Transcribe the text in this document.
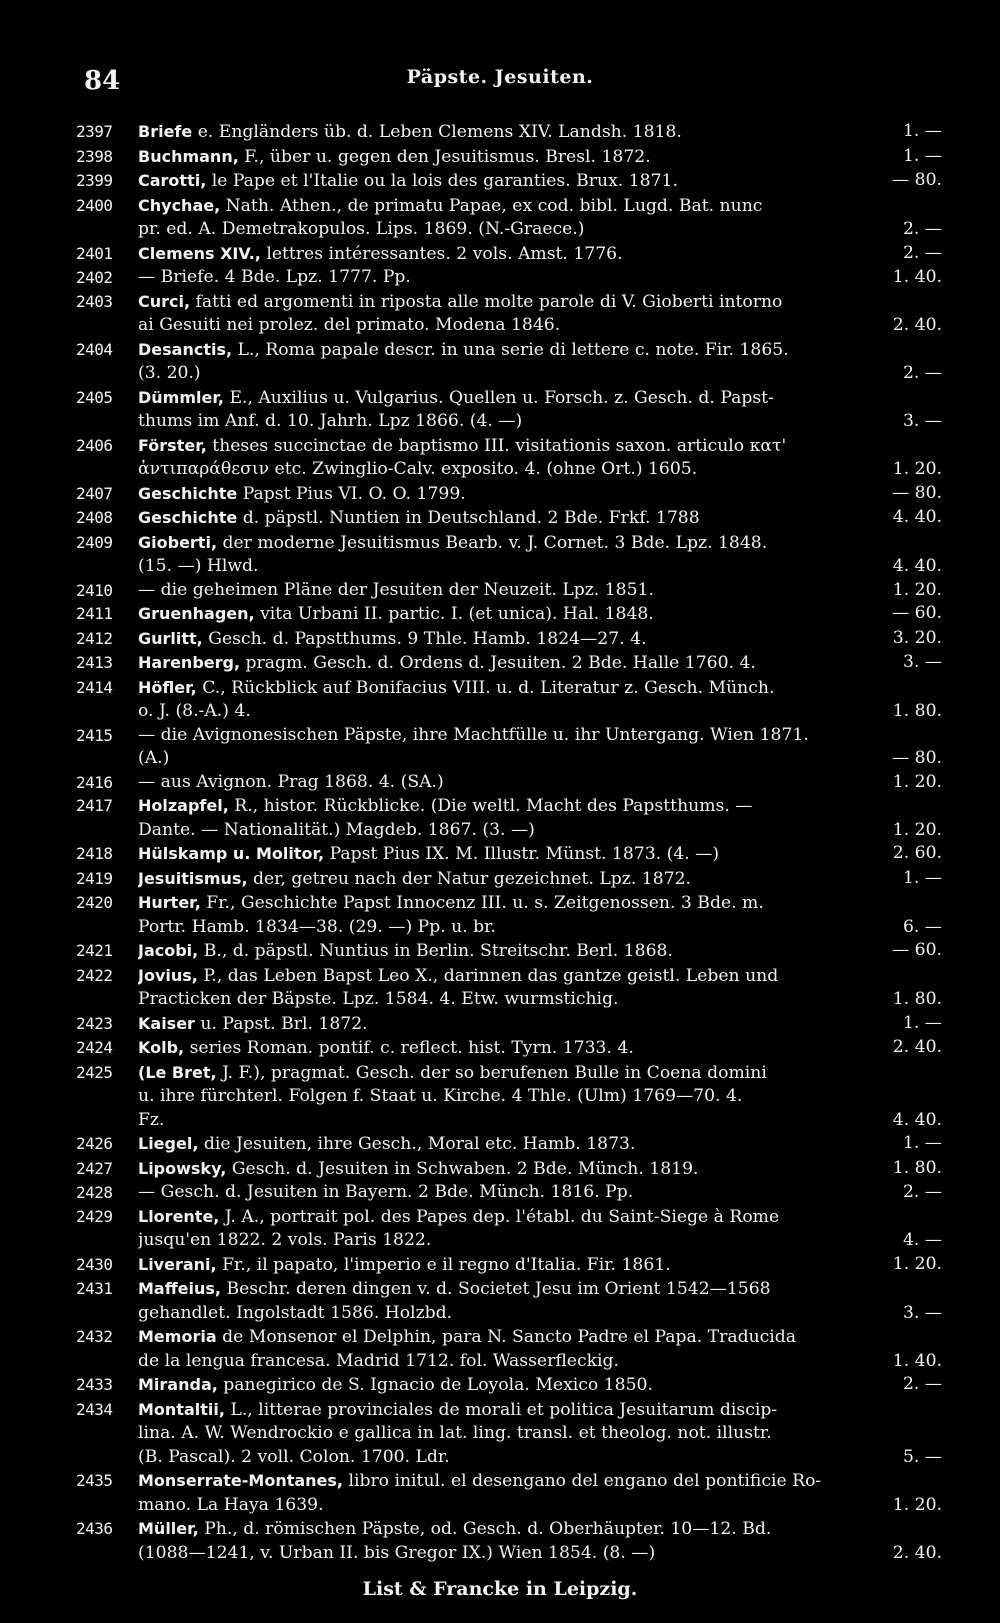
84	Päpste. Jesuiten.
2397	Briefe e. Engländers üb. d. Leben Clemens XIV. Landsh. 1818.	1. —
2398	Buchmann, F., über u. gegen den Jesuitismus. Bresl. 1872.	1. —
2399	Carotti, le Pape et l'Italie ou la lois des garanties. Brux. 1871.	— 80.
2400	Chychae, Nath. Athen., de primatu Papae, ex cod. bibl. Lugd. Bat. nunc
pr. ed. A. Demetrakopulos. Lips. 1869. (N.-Graece.)	2. —
2401	Clemens XIV., lettres intéressantes. 2 vols. Amst. 1776.	2. —
2402	— Briefe. 4 Bde. Lpz. 1777. Pp.	1. 40.
2403	Curci, fatti ed argomenti in riposta alle molte parole di V. Gioberti intorno
ai Gesuiti nei prolez. del primato. Modena 1846.	2. 40.
2404	Desanctis, L., Roma papale descr. in una serie di lettere c. note. Fir. 1865.
(3. 20.)	2. —
2405	Dümmler, E., Auxilius u. Vulgarius. Quellen u. Forsch. z. Gesch. d. Papst-
thums im Anf. d. 10. Jahrh. Lpz 1866. (4. —)	3. —
2406	Förster, theses succinctae de baptismo III. visitationis saxon. articulo κατ'
ἀντιπαράθεσιν etc. Zwinglio-Calv. exposito. 4. (ohne Ort.) 1605.	1. 20.
2407	Geschichte Papst Pius VI. O. O. 1799.	— 80.
2408	Geschichte d. päpstl. Nuntien in Deutschland. 2 Bde. Frkf. 1788	4. 40.
2409	Gioberti, der moderne Jesuitismus Bearb. v. J. Cornet. 3 Bde. Lpz. 1848.
(15. —) Hlwd.	4. 40.
2410	— die geheimen Pläne der Jesuiten der Neuzeit. Lpz. 1851.	1. 20.
2411	Gruenhagen, vita Urbani II. partic. I. (et unica). Hal. 1848.	— 60.
2412	Gurlitt, Gesch. d. Papstthums. 9 Thle. Hamb. 1824—27. 4.	3. 20.
2413	Harenberg, pragm. Gesch. d. Ordens d. Jesuiten. 2 Bde. Halle 1760. 4.	3. —
2414	Höfler, C., Rückblick auf Bonifacius VIII. u. d. Literatur z. Gesch. Münch.
o. J. (8.-A.) 4.	1. 80.
2415	— die Avignonesischen Päpste, ihre Machtfülle u. ihr Untergang. Wien 1871.
(A.)	— 80.
2416	— aus Avignon. Prag 1868. 4. (SA.)	1. 20.
2417	Holzapfel, R., histor. Rückblicke. (Die weltl. Macht des Papstthums. —
Dante. — Nationalität.) Magdeb. 1867. (3. —)	1. 20.
2418	Hülskamp u. Molitor, Papst Pius IX. M. Illustr. Münst. 1873. (4. —)	2. 60.
2419	Jesuitismus, der, getreu nach der Natur gezeichnet. Lpz. 1872.	1. —
2420	Hurter, Fr., Geschichte Papst Innocenz III. u. s. Zeitgenossen. 3 Bde. m.
Portr. Hamb. 1834—38. (29. —) Pp. u. br.	6. —
2421	Jacobi, B., d. päpstl. Nuntius in Berlin. Streitschr. Berl. 1868.	— 60.
2422	Jovius, P., das Leben Bapst Leo X., darinnen das gantze geistl. Leben und
Practicken der Bäpste. Lpz. 1584. 4. Etw. wurmstichig.	1. 80.
2423	Kaiser u. Papst. Brl. 1872.	1. —
2424	Kolb, series Roman. pontif. c. reflect. hist. Tyrn. 1733. 4.	2. 40.
2425	(Le Bret, J. F.), pragmat. Gesch. der so berufenen Bulle in Coena domini
u. ihre fürchterl. Folgen f. Staat u. Kirche. 4 Thle. (Ulm) 1769—70. 4.
Fz.	4. 40.
2426	Liegel, die Jesuiten, ihre Gesch., Moral etc. Hamb. 1873.	1. —
2427	Lipowsky, Gesch. d. Jesuiten in Schwaben. 2 Bde. Münch. 1819.	1. 80.
2428	— Gesch. d. Jesuiten in Bayern. 2 Bde. Münch. 1816. Pp.	2. —
2429	Llorente, J. A., portrait pol. des Papes dep. l'établ. du Saint-Siege à Rome
jusqu'en 1822. 2 vols. Paris 1822.	4. —
2430	Liverani, Fr., il papato, l'imperio e il regno d'Italia. Fir. 1861.	1. 20.
2431	Maffeius, Beschr. deren dingen v. d. Societet Jesu im Orient 1542—1568
gehandlet. Ingolstadt 1586. Holzbd.	3. —
2432	Memoria de Monsenor el Delphin, para N. Sancto Padre el Papa. Traducida
de la lengua francesa. Madrid 1712. fol. Wasserfleckig.	1. 40.
2433	Miranda, panegirico de S. Ignacio de Loyola. Mexico 1850.	2. —
2434	Montaltii, L., litterae provinciales de morali et politica Jesuitarum discip-
lina. A. W. Wendrockio e gallica in lat. ling. transl. et theolog. not. illustr.
(B. Pascal). 2 voll. Colon. 1700. Ldr.	5. —
2435	Monserrate-Montanes, libro initul. el desengano del engano del pontificie Ro-
mano. La Haya 1639.	1. 20.
2436	Müller, Ph., d. römischen Päpste, od. Gesch. d. Oberhäupter. 10—12. Bd.
(1088—1241, v. Urban II. bis Gregor IX.) Wien 1854. (8. —)	2. 40.
List & Francke in Leipzig.
